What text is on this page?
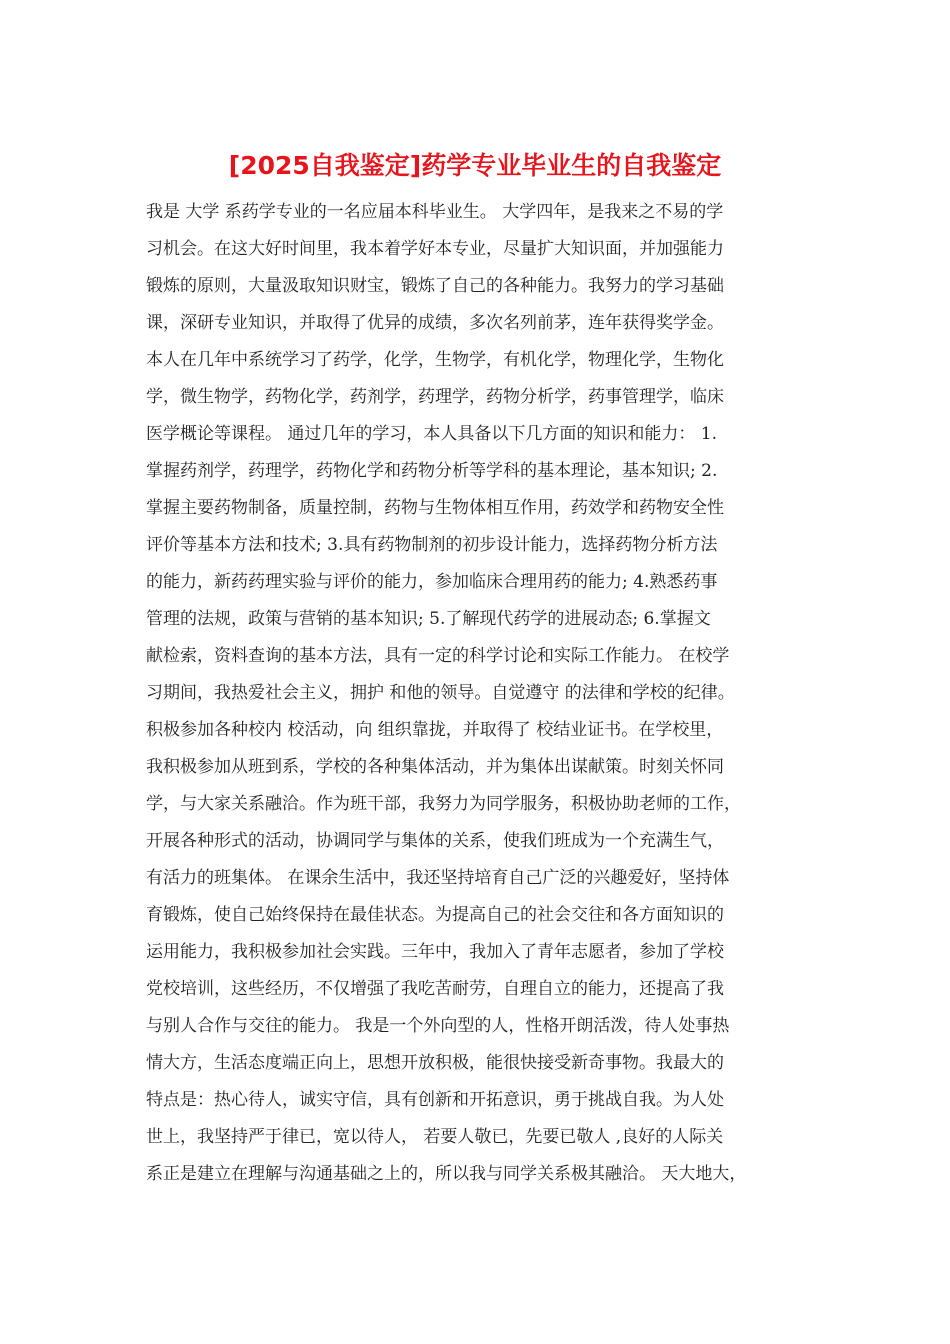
[2025自我鉴定]药学专业毕业生的自我鉴定
我是 大学 系药学专业的一名应届本科毕业生。 大学四年，是我来之不易的学
习机会。在这大好时间里，我本着学好本专业，尽量扩大知识面，并加强能力
锻炼的原则，大量汲取知识财宝，锻炼了自己的各种能力。我努力的学习基础
课，深研专业知识，并取得了优异的成绩，多次名列前茅，连年获得奖学金。
本人在几年中系统学习了药学，化学，生物学，有机化学，物理化学，生物化
学，微生物学，药物化学，药剂学，药理学，药物分析学，药事管理学，临床
医学概论等课程。 通过几年的学习，本人具备以下几方面的知识和能力： 1.
掌握药剂学，药理学，药物化学和药物分析等学科的基本理论，基本知识; 2.
掌握主要药物制备，质量控制，药物与生物体相互作用，药效学和药物安全性
评价等基本方法和技术; 3.具有药物制剂的初步设计能力，选择药物分析方法
的能力，新药药理实验与评价的能力，参加临床合理用药的能力; 4.熟悉药事
管理的法规，政策与营销的基本知识; 5.了解现代药学的进展动态; 6.掌握文
献检索，资料查询的基本方法，具有一定的科学讨论和实际工作能力。 在校学
习期间，我热爱社会主义，拥护 和他的领导。自觉遵守 的法律和学校的纪律。
积极参加各种校内 校活动，向 组织靠拢，并取得了 校结业证书。在学校里，
我积极参加从班到系，学校的各种集体活动，并为集体出谋献策。时刻关怀同
学，与大家关系融洽。作为班干部，我努力为同学服务，积极协助老师的工作，
开展各种形式的活动，协调同学与集体的关系，使我们班成为一个充满生气，
有活力的班集体。 在课余生活中，我还坚持培育自己广泛的兴趣爱好，坚持体
育锻炼，使自己始终保持在最佳状态。为提高自己的社会交往和各方面知识的
运用能力，我积极参加社会实践。三年中，我加入了青年志愿者，参加了学校
党校培训，这些经历，不仅增强了我吃苦耐劳，自理自立的能力，还提高了我
与别人合作与交往的能力。 我是一个外向型的人，性格开朗活泼，待人处事热
情大方，生活态度端正向上，思想开放积极，能很快接受新奇事物。我最大的
特点是：热心待人，诚实守信，具有创新和开拓意识，勇于挑战自我。为人处
世上，我坚持严于律已，宽以待人， 若要人敬已，先要已敬人 ,良好的人际关
系正是建立在理解与沟通基础之上的，所以我与同学关系极其融洽。 天大地大，
